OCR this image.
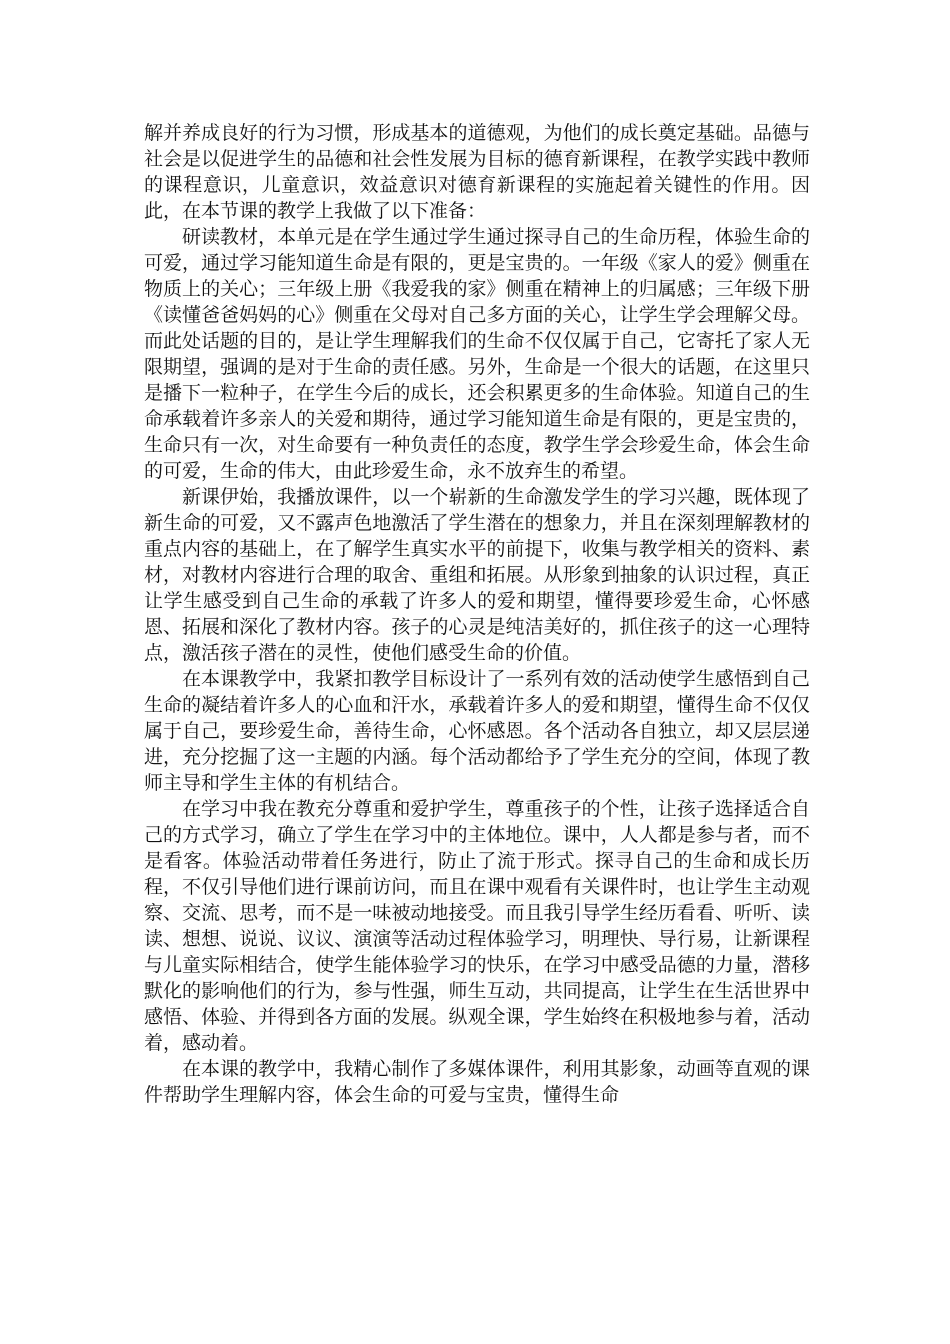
解并养成良好的行为习惯，形成基本的道德观，为他们的成长奠定基础。品德与社会是以促进学生的品德和社会性发展为目标的德育新课程，在教学实践中教师的课程意识，儿童意识，效益意识对德育新课程的实施起着关键性的作用。因此，在本节课的教学上我做了以下准备：

研读教材，本单元是在学生通过学生通过探寻自己的生命历程，体验生命的可爱，通过学习能知道生命是有限的，更是宝贵的。一年级《家人的爱》侧重在物质上的关心；三年级上册《我爱我的家》侧重在精神上的归属感；三年级下册《读懂爸爸妈妈的心》侧重在父母对自己多方面的关心，让学生学会理解父母。而此处话题的目的，是让学生理解我们的生命不仅仅属于自己，它寄托了家人无限期望，强调的是对于生命的责任感。另外，生命是一个很大的话题，在这里只是播下一粒种子，在学生今后的成长，还会积累更多的生命体验。知道自己的生命承载着许多亲人的关爱和期待，通过学习能知道生命是有限的，更是宝贵的，生命只有一次，对生命要有一种负责任的态度，教学生学会珍爱生命，体会生命的可爱，生命的伟大，由此珍爱生命，永不放弃生的希望。

新课伊始，我播放课件，以一个崭新的生命激发学生的学习兴趣，既体现了新生命的可爱，又不露声色地激活了学生潜在的想象力，并且在深刻理解教材的重点内容的基础上，在了解学生真实水平的前提下，收集与教学相关的资料、素材，对教材内容进行合理的取舍、重组和拓展。从形象到抽象的认识过程，真正让学生感受到自己生命的承载了许多人的爱和期望，懂得要珍爱生命，心怀感恩、拓展和深化了教材内容。孩子的心灵是纯洁美好的，抓住孩子的这一心理特点，激活孩子潜在的灵性，使他们感受生命的价值。

在本课教学中，我紧扣教学目标设计了一系列有效的活动使学生感悟到自己生命的凝结着许多人的心血和汗水，承载着许多人的爱和期望，懂得生命不仅仅属于自己，要珍爱生命，善待生命，心怀感恩。各个活动各自独立，却又层层递进，充分挖掘了这一主题的内涵。每个活动都给予了学生充分的空间，体现了教师主导和学生主体的有机结合。

在学习中我在教充分尊重和爱护学生，尊重孩子的个性，让孩子选择适合自己的方式学习，确立了学生在学习中的主体地位。课中，人人都是参与者，而不是看客。体验活动带着任务进行，防止了流于形式。探寻自己的生命和成长历程，不仅引导他们进行课前访问，而且在课中观看有关课件时，也让学生主动观察、交流、思考，而不是一味被动地接受。而且我引导学生经历看看、听听、读读、想想、说说、议议、演演等活动过程体验学习，明理快、导行易，让新课程与儿童实际相结合，使学生能体验学习的快乐，在学习中感受品德的力量，潜移默化的影响他们的行为，参与性强，师生互动，共同提高，让学生在生活世界中感悟、体验、并得到各方面的发展。纵观全课，学生始终在积极地参与着，活动着，感动着。

在本课的教学中，我精心制作了多媒体课件，利用其影象，动画等直观的课件帮助学生理解内容，体会生命的可爱与宝贵，懂得生命
